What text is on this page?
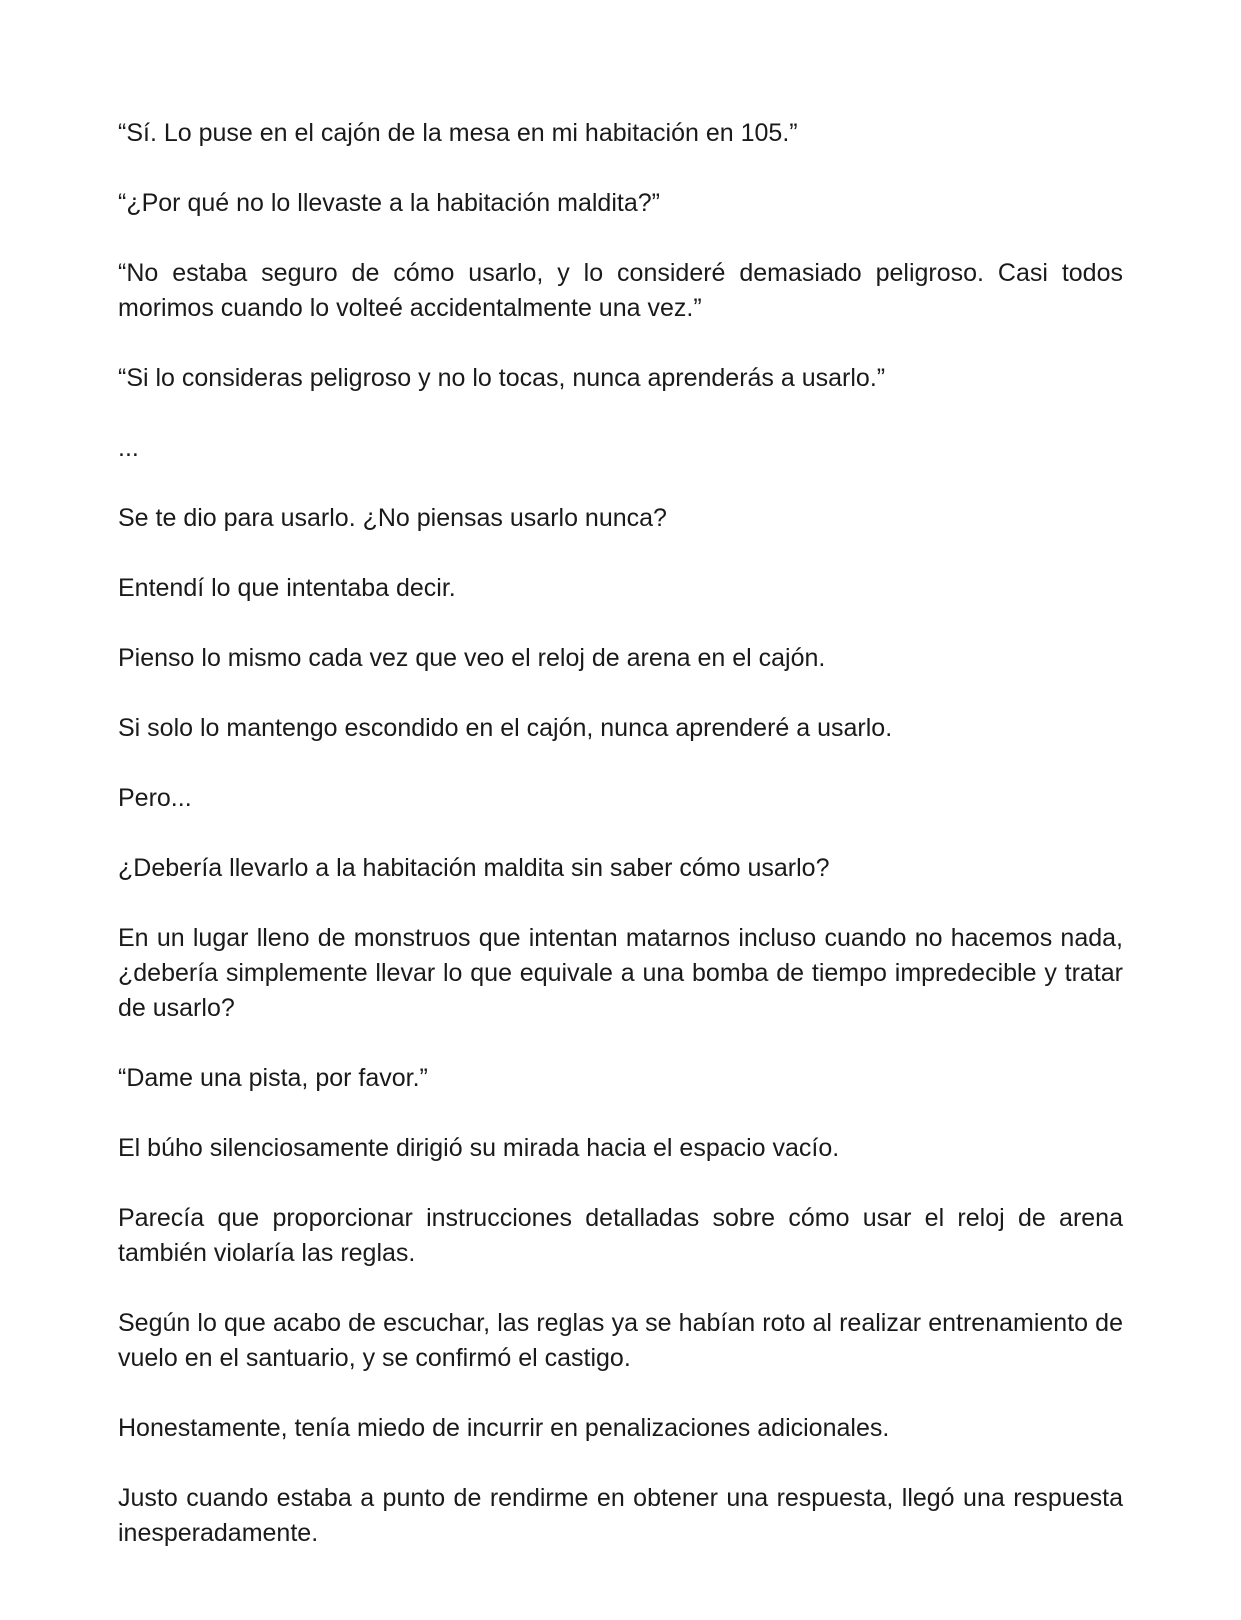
“Sí. Lo puse en el cajón de la mesa en mi habitación en 105.”

“¿Por qué no lo llevaste a la habitación maldita?”

“No estaba seguro de cómo usarlo, y lo consideré demasiado peligroso. Casi todos morimos cuando lo volteé accidentalmente una vez.”

“Si lo consideras peligroso y no lo tocas, nunca aprenderás a usarlo.”

...

Se te dio para usarlo. ¿No piensas usarlo nunca?

Entendí lo que intentaba decir.

Pienso lo mismo cada vez que veo el reloj de arena en el cajón.

Si solo lo mantengo escondido en el cajón, nunca aprenderé a usarlo.

Pero...

¿Debería llevarlo a la habitación maldita sin saber cómo usarlo?

En un lugar lleno de monstruos que intentan matarnos incluso cuando no hacemos nada, ¿debería simplemente llevar lo que equivale a una bomba de tiempo impredecible y tratar de usarlo?

“Dame una pista, por favor.”

El búho silenciosamente dirigió su mirada hacia el espacio vacío.

Parecía que proporcionar instrucciones detalladas sobre cómo usar el reloj de arena también violaría las reglas.

Según lo que acabo de escuchar, las reglas ya se habían roto al realizar entrenamiento de vuelo en el santuario, y se confirmó el castigo.

Honestamente, tenía miedo de incurrir en penalizaciones adicionales.

Justo cuando estaba a punto de rendirme en obtener una respuesta, llegó una respuesta inesperadamente.
